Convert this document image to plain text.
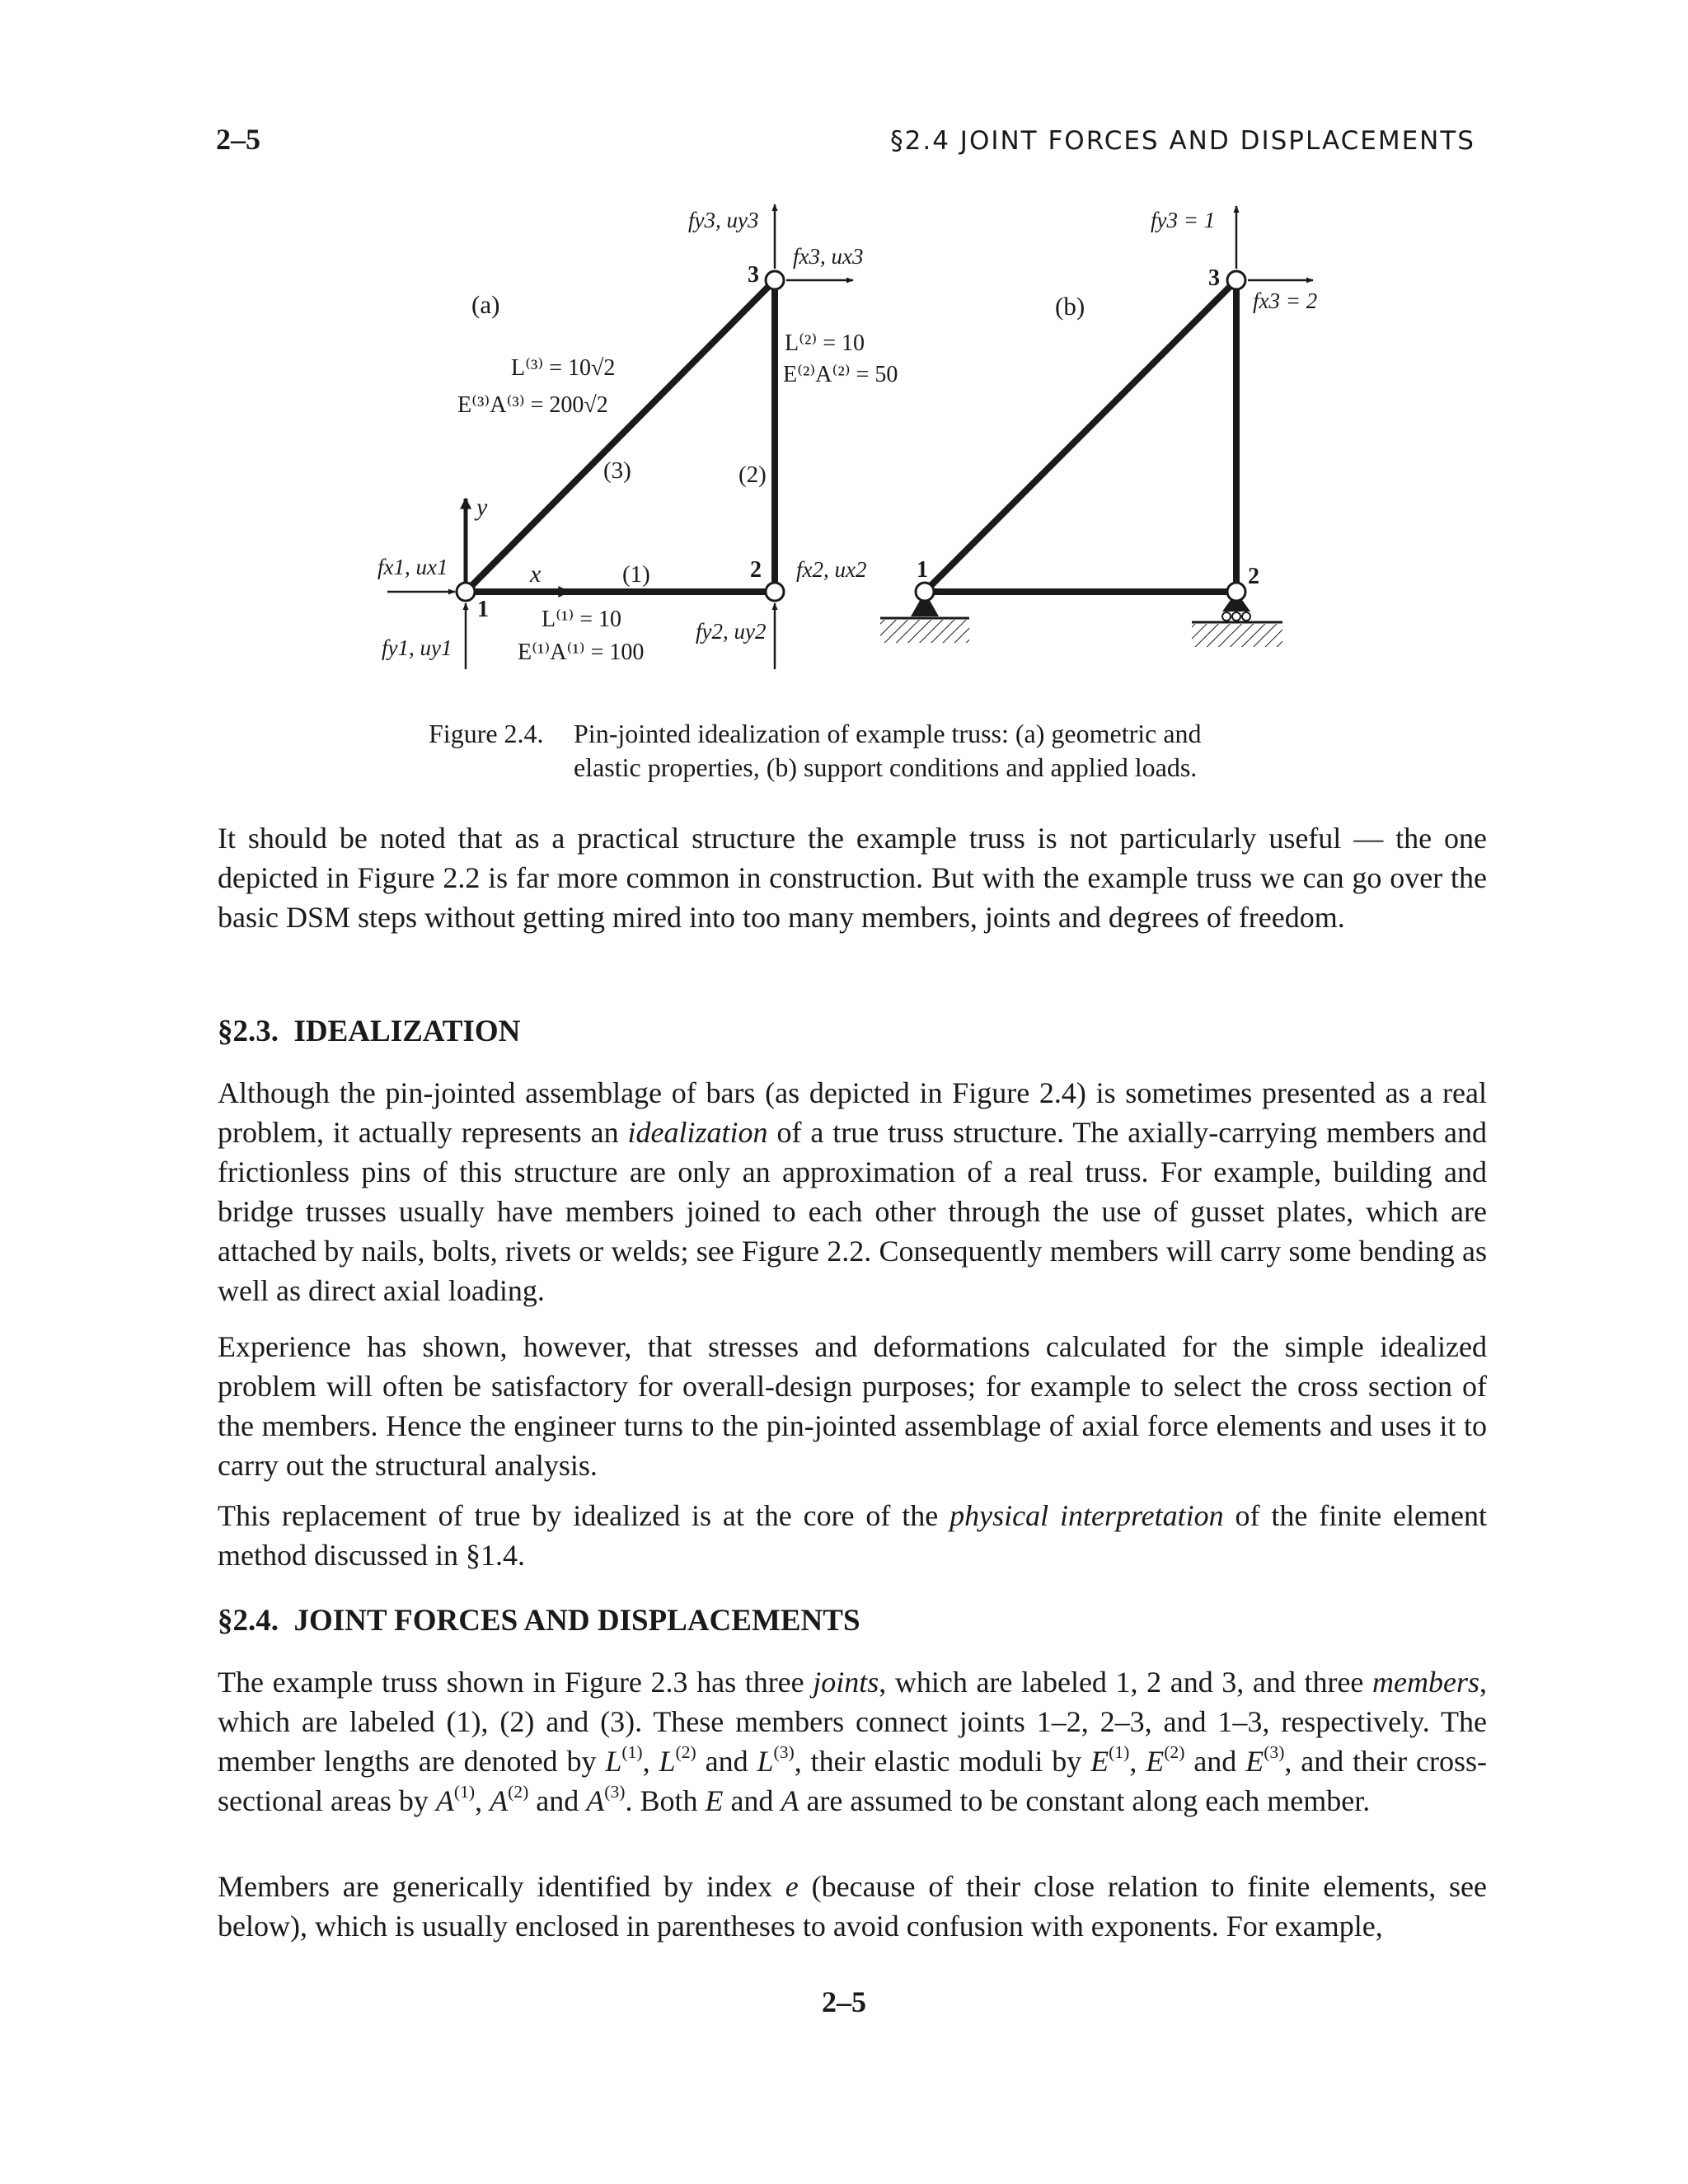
2–5	§2.4 JOINT FORCES AND DISPLACEMENTS
(a)
1
2
3
(1)
(2)
(3)
x
y
L⁽¹⁾ = 10
E⁽¹⁾A⁽¹⁾ = 100
L⁽²⁾ = 10
E⁽²⁾A⁽²⁾ = 50
L⁽³⁾ = 10√2
E⁽³⁾A⁽³⁾ = 200√2
fx1, ux1
fy1, uy1
fx2, ux2
fy2, uy2
fx3, ux3
fy3, uy3
(b)
1	2
3
fx3 = 2
fy3 = 1
Figure 2.4. Pin-jointed idealization of example truss: (a) geometric and
elastic properties, (b) support conditions and applied loads.

It should be noted that as a practical structure the example truss is not particularly useful — the one depicted in Figure 2.2 is far more common in construction. But with the example truss we can go over the basic DSM steps without getting mired into too many members, joints and degrees of freedom.

§2.3. IDEALIZATION

Although the pin-jointed assemblage of bars (as depicted in Figure 2.4) is sometimes presented as a real problem, it actually represents an idealization of a true truss structure. The axially-carrying members and frictionless pins of this structure are only an approximation of a real truss. For example, building and bridge trusses usually have members joined to each other through the use of gusset plates, which are attached by nails, bolts, rivets or welds; see Figure 2.2. Consequently members will carry some bending as well as direct axial loading.

Experience has shown, however, that stresses and deformations calculated for the simple idealized problem will often be satisfactory for overall-design purposes; for example to select the cross section of the members. Hence the engineer turns to the pin-jointed assemblage of axial force elements and uses it to carry out the structural analysis.

This replacement of true by idealized is at the core of the physical interpretation of the finite element method discussed in §1.4.

§2.4. JOINT FORCES AND DISPLACEMENTS

The example truss shown in Figure 2.3 has three joints, which are labeled 1, 2 and 3, and three members, which are labeled (1), (2) and (3). These members connect joints 1–2, 2–3, and 1–3, respectively. The member lengths are denoted by $L^{(1)}$, $L^{(2)}$ and $L^{(3)}$, their elastic moduli by $E^{(1)}$, $E^{(2)}$ and $E^{(3)}$, and their cross-sectional areas by $A^{(1)}$, $A^{(2)}$ and $A^{(3)}$. Both E and A are assumed to be constant along each member.

Members are generically identified by index e (because of their close relation to finite elements, see below), which is usually enclosed in parentheses to avoid confusion with exponents. For example,

2–5
